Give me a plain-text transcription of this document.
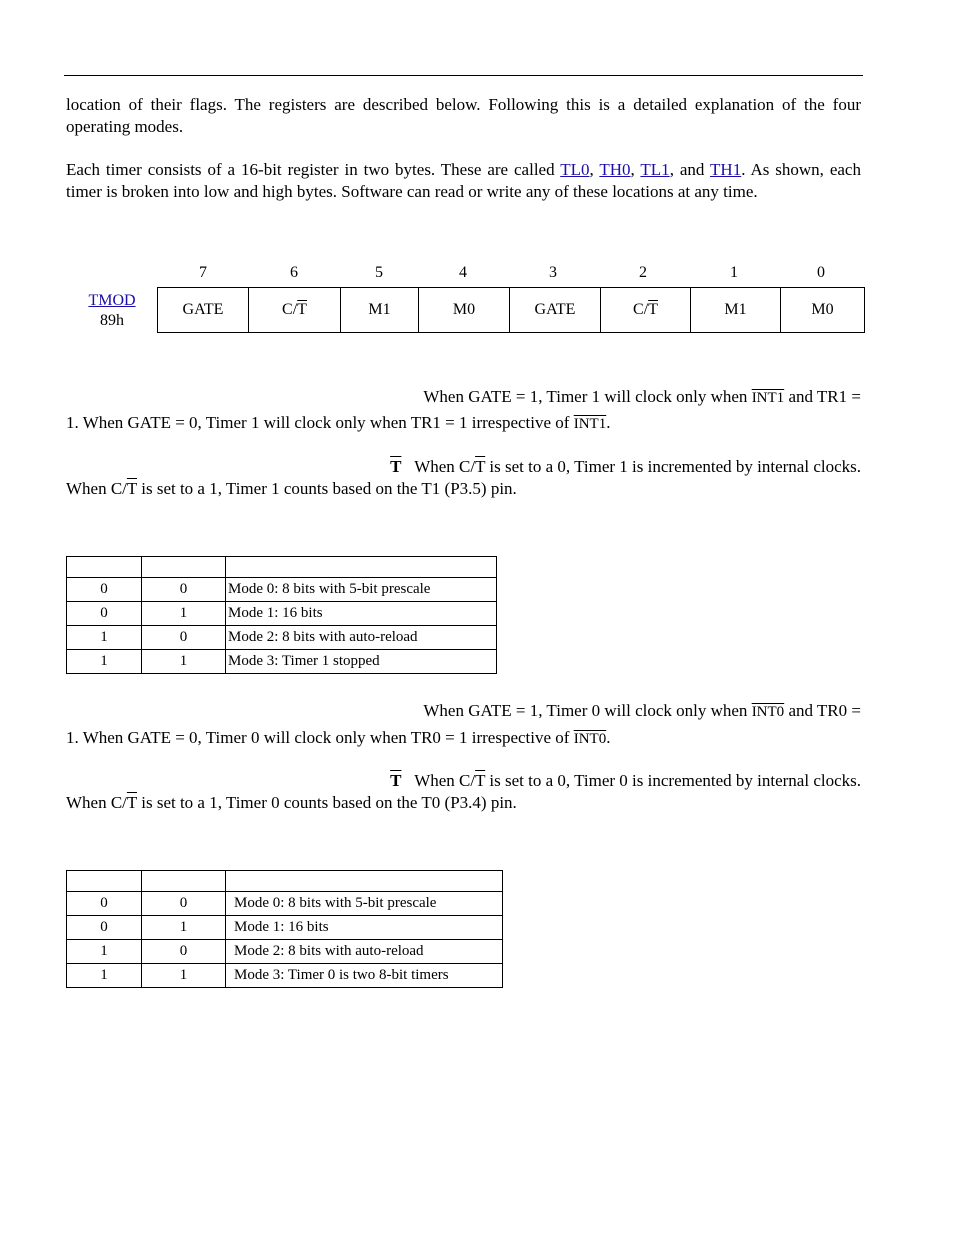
location of their flags. The registers are described below. Following this is a detailed explanation of the four operating modes.

Each timer consists of a 16-bit register in two bytes. These are called TL0, TH0, TL1, and TH1. As shown, each timer is broken into low and high bytes. Software can read or write any of these locations at any time.

7	6	5	4	3	2	1	0
TMOD
89h
GATE	$C/\overline{T}$	M1	M0	GATE	$C/\overline{T}$	M1	M0
When GATE = 1, Timer 1 will clock only when INT1 and TR1 =
1. When GATE = 0, Timer 1 will clock only when TR1 = 1 irrespective of INT1.
$\overline{T}$ When $C/\overline{T}$ is set to a 0, Timer 1 is incremented by internal clocks.
When $C/\overline{T}$ is set to a 1, Timer 1 counts based on the T1 (P3.5) pin.

0	0	Mode 0: 8 bits with 5-bit prescale
0	1	Mode 1: 16 bits
1	0	Mode 2: 8 bits with auto-reload
1	1	Mode 3: Timer 1 stopped
When GATE = 1, Timer 0 will clock only when INT0 and TR0 =
1. When GATE = 0, Timer 0 will clock only when TR0 = 1 irrespective of INT0.
$\overline{T}$ When $C/\overline{T}$ is set to a 0, Timer 0 is incremented by internal clocks.
When $C/\overline{T}$ is set to a 1, Timer 0 counts based on the T0 (P3.4) pin.

0	0	Mode 0: 8 bits with 5-bit prescale
0	1	Mode 1: 16 bits
1	0	Mode 2: 8 bits with auto-reload
1	1	Mode 3: Timer 0 is two 8-bit timers
